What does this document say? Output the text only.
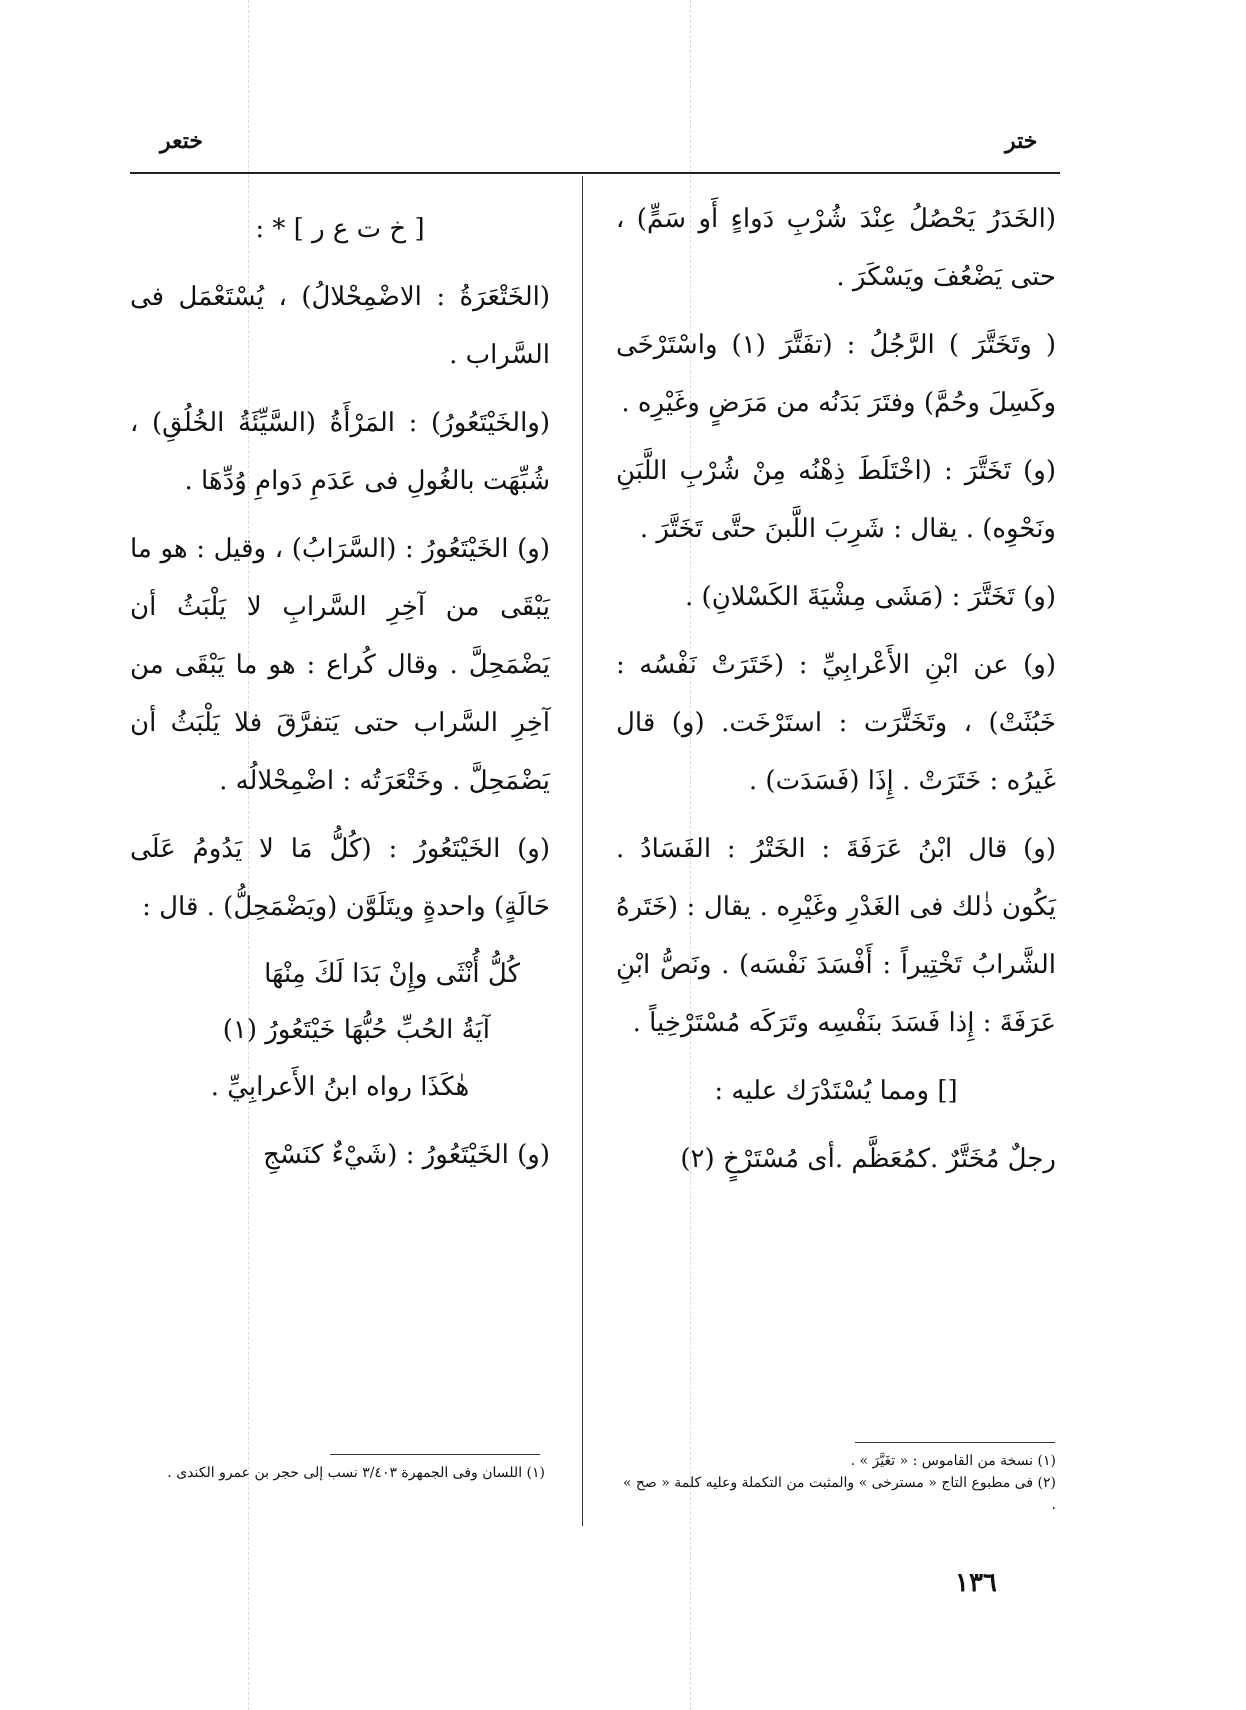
ختر
ختعر

(الخَدَرُ يَحْصُلُ عِنْدَ شُرْبِ دَواءٍ أَو سَمٍّ) ، حتى يَضْعُفَ ويَسْكَرَ .

( وتَخَتَّرَ ) الرَّجُلُ : (تفَتَّرَ (١) واسْتَرْخَى وكَسِلَ وحُمَّ) وفتَرَ بَدَنُه من مَرَضٍ وغَيْرِه .

(و) تَخَتَّرَ : (اخْتَلَطَ ذِهْنُه مِنْ شُرْبِ اللَّبَنِ ونَحْوِه) . يقال : شَرِبَ اللَّبنَ حتَّى تَخَتَّرَ .

(و) تَخَتَّرَ : (مَشَى مِشْيَةَ الكَسْلانِ) .

(و) عن ابْنِ الأَعْرابِيِّ : (خَتَرَتْ نَفْسُه : خَبُثَتْ) ، وتَخَتَّرَت : استَرْخَت. (و) قال غَيرُه : خَتَرَتْ . إِذَا (فَسَدَت) .

(و) قال ابْنُ عَرَفَةَ : الخَتْرُ : الفَسَادُ . يَكُون ذٰلك فى الغَدْرِ وغَيْرِه . يقال : (خَتَرهُ الشَّرابُ تَخْتِيراً : أَفْسَدَ نَفْسَه) . ونَصُّ ابْنِ عَرَفَةَ : إِذا فَسَدَ بنَفْسِه وتَرَكَه مُسْتَرْخِياً .

[] ومما يُسْتَدْرَك عليه :

رجلٌ مُخَتَّرٌ .كمُعَظَّم .أى مُسْتَرْخٍ (٢)

(١) نسخة من القاموس : « تغَيَّرَ » .
(٢) فى مطبوع التاج « مسترخى » والمثبت من التكملة وعليه كلمة « صح » .

[ خ ت ع ر ] * :

(الخَتْعَرَةُ : الاضْمِحْلالُ) ، يُسْتَعْمَل فى السَّراب .

(والخَيْتَعُورُ) : المَرْأَةُ (السَّيِّئَةُ الخُلُقِ) ، شُبِّهَت بالغُولِ فى عَدَمِ دَوامِ وُدِّهَا .

(و) الخَيْتَعُورُ : (السَّرَابُ) ، وقيل : هو ما يَبْقَى من آخِرِ السَّرابِ لا يَلْبَثُ أن يَضْمَحِلَّ . وقال كُراع : هو ما يَبْقَى من آخِرِ السَّراب حتى يَتفرَّقَ فلا يَلْبَثُ أن يَضْمَحِلَّ . وخَتْعَرَتُه : اضْمِحْلالُه .

(و) الخَيْتَعُورُ : (كُلُّ مَا لا يَدُومُ عَلَى حَالَةٍ) واحدةٍ ويتَلَوَّن (ويَضْمَحِلُّ) . قال :

كُلُّ أُنْثَى وإِنْ بَدَا لَكَ مِنْهَا

آيَةُ الحُبِّ حُبُّهَا خَيْتَعُورُ (١)

هٰكَذَا رواه ابنُ الأَعرابِيِّ .

(و) الخَيْتَعُورُ : (شَيْءٌ كنَسْجِ

(١) اللسان وفى الجمهرة ٣/٤٠٣ نسب إلى حجر بن عمرو الكندى .
١٣٦
